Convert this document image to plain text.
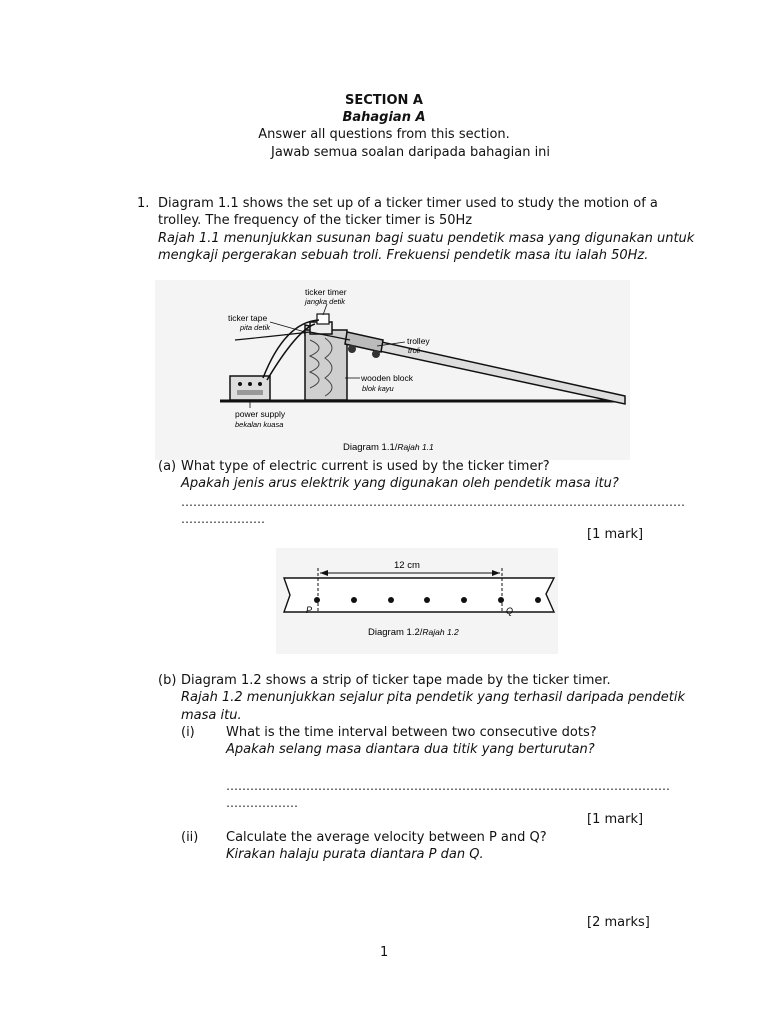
SECTION A
Bahagian A
Answer all questions from this section.
Jawab semua soalan daripada bahagian ini
1. Diagram 1.1 shows the set up of a ticker timer used to study the motion of a
trolley. The frequency of the ticker timer is 50Hz
Rajah 1.1 menunjukkan susunan bagi suatu pendetik masa yang digunakan untuk
mengkaji pergerakan sebuah troli. Frekuensi pendetik masa itu ialah 50Hz.
ticker timer
jangka detik
ticker tape
pita detik
trolley
troli
wooden block
blok kayu
power supply
bekalan kuasa
Diagram 1.1/Rajah 1.1
(a) What type of electric current is used by the ticker timer?
Apakah jenis arus elektrik yang digunakan oleh pendetik masa itu?
………………………………………………………………………………………………………………
…………………
[1 mark]
12 cm
P	Q
Diagram 1.2/Rajah 1.2
(b) Diagram 1.2 shows a strip of ticker tape made by the ticker timer.
Rajah 1.2 menunjukkan sejalur pita pendetik yang terhasil daripada pendetik
masa itu.
(i) What is the time interval between two consecutive dots?
Apakah selang masa diantara dua titik yang berturutan?
…………………………………………………………………………………………………
………………
[1 mark]
(ii) Calculate the average velocity between P and Q?
Kirakan halaju purata diantara P dan Q.
[2 marks]
1
